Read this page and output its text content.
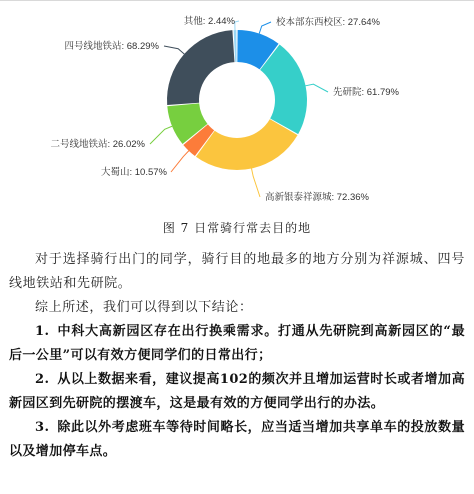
校本部东西校区: 27.64%
先研院: 61.79%
高新银泰祥源城: 72.36%
大蜀山: 10.57%
二号线地铁站: 26.02%
四号线地铁站: 68.29%
其他: 2.44%
图 7 日常骑行常去目的地

对于选择骑行出门的同学，骑行目的地最多的地方分别为祥源城、四号线地铁站和先研院。

综上所述，我们可以得到以下结论：

1. 中科大高新园区存在出行换乘需求。打通从先研院到高新园区的“最后一公里”可以有效方便同学们的日常出行；

2. 从以上数据来看，建议提高102的频次并且增加运营时长或者增加高新园区到先研院的摆渡车，这是最有效的方便同学出行的办法。

3. 除此以外考虑班车等待时间略长，应当适当增加共享单车的投放数量以及增加停车点。
